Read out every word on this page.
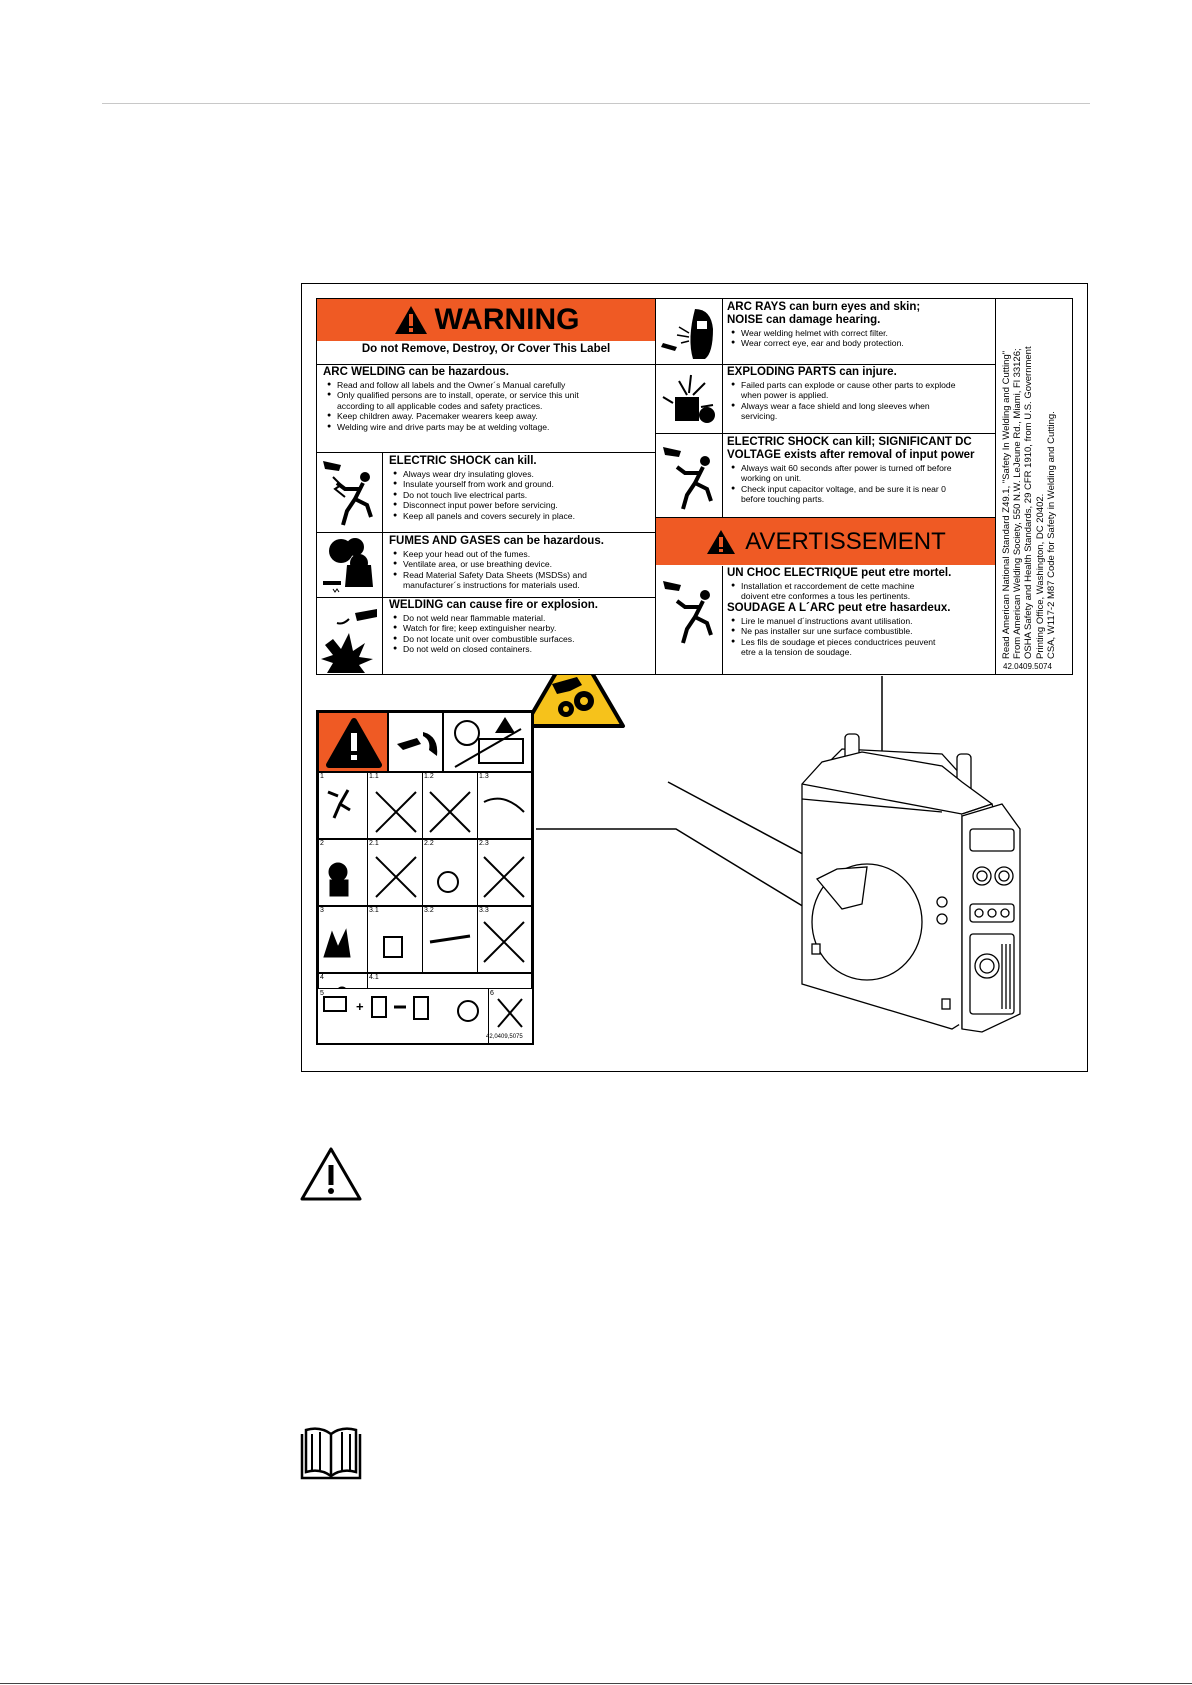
WARNING
Do not Remove, Destroy, Or Cover This Label
ARC WELDING can be hazardous.
● Read and follow all labels and the Owner´s Manual carefully
● Only qualified persons are to install, operate, or service this unit
according to all applicable codes and safety practices.
● Keep children away. Pacemaker wearers keep away.
● Welding wire and drive parts may be at welding voltage.
ELECTRIC SHOCK can kill.
● Always wear dry insulating gloves.
● Insulate yourself from work and ground.
● Do not touch live electrical parts.
● Disconnect input power before servicing.
● Keep all panels and covers securely in place.
FUMES AND GASES can be hazardous.
● Keep your head out of the fumes.
● Ventilate area, or use breathing device.
● Read Material Safety Data Sheets (MSDSs) and
manufacturer´s instructions for materials used.
WELDING can cause fire or explosion.
● Do not weld near flammable material.
● Watch for fire; keep extinguisher nearby.
● Do not locate unit over combustible surfaces.
● Do not weld on closed containers.
ARC RAYS can burn eyes and skin;
NOISE can damage hearing.
● Wear welding helmet with correct filter.
● Wear correct eye, ear and body protection.
EXPLODING PARTS can injure.
● Failed parts can explode or cause other parts to explode
when power is applied.
● Always wear a face shield and long sleeves when
servicing.
ELECTRIC SHOCK can kill; SIGNIFICANT DC
VOLTAGE exists after removal of input power
● Always wait 60 seconds after power is turned off before
working on unit.
● Check input capacitor voltage, and be sure it is near 0
before touching parts.
AVERTISSEMENT
UN CHOC ELECTRIQUE peut etre mortel.
● Installation et raccordement de cette machine
doivent etre conformes a tous les pertinents.
SOUDAGE A L´ARC peut etre hasardeux.
● Lire le manuel d´instructions avant utilisation.
● Ne pas installer sur une surface combustible.
● Les fils de soudage et pieces conductrices peuvent
etre a la tension de soudage.	Read American National Standard Z49.1, "Safety In Welding and Cutting" From American Welding Society, 550 N.W. LeJeune Rd., Miami, Fl 33126; OSHA Safety and Health Standards, 29 CFR 1910, from U.S. Government Printing Office, Washington, DC 20402. CSA, W117-2 M87 Code for Safety in Welding and Cutting.
42.0409.5074
1	1.1	1.2	1.3
2	2.1	2.2	2.3
3	3.1	3.2	3.3
4	4.1
5	6
+
42,0409,5075
